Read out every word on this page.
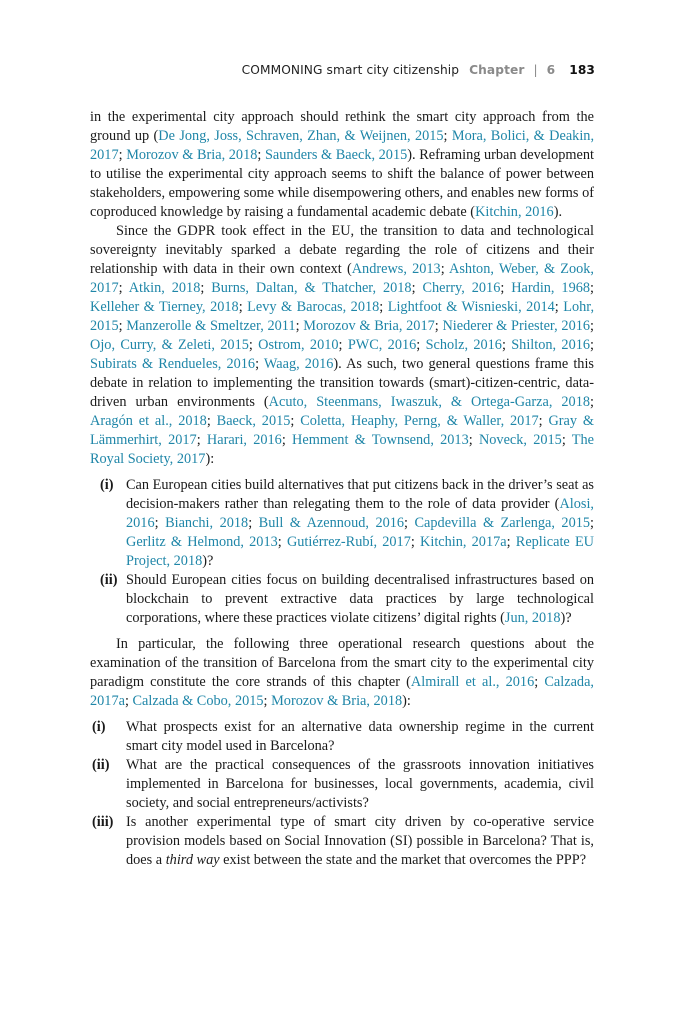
COMMONING smart city citizenship Chapter | 6 183

in the experimental city approach should rethink the smart city approach from the ground up (De Jong, Joss, Schraven, Zhan, & Weijnen, 2015; Mora, Bolici, & Deakin, 2017; Morozov & Bria, 2018; Saunders & Baeck, 2015). Reframing urban development to utilise the experimental city approach seems to shift the balance of power between stakeholders, empowering some while disempowering others, and enables new forms of coproduced knowledge by raising a fundamental academic debate (Kitchin, 2016).

Since the GDPR took effect in the EU, the transition to data and technological sovereignty inevitably sparked a debate regarding the role of citizens and their relationship with data in their own context (Andrews, 2013; Ashton, Weber, & Zook, 2017; Atkin, 2018; Burns, Daltan, & Thatcher, 2018; Cherry, 2016; Hardin, 1968; Kelleher & Tierney, 2018; Levy & Barocas, 2018; Lightfoot & Wisnieski, 2014; Lohr, 2015; Manzerolle & Smeltzer, 2011; Morozov & Bria, 2017; Niederer & Priester, 2016; Ojo, Curry, & Zeleti, 2015; Ostrom, 2010; PWC, 2016; Scholz, 2016; Shilton, 2016; Subirats & Rendueles, 2016; Waag, 2016). As such, two general questions frame this debate in relation to implementing the transition towards (smart)-citizen-centric, data-driven urban environments (Acuto, Steenmans, Iwaszuk, & Ortega-Garza, 2018; Aragón et al., 2018; Baeck, 2015; Coletta, Heaphy, Perng, & Waller, 2017; Gray & Lämmerhirt, 2017; Harari, 2016; Hemment & Townsend, 2013; Noveck, 2015; The Royal Society, 2017):

(i) Can European cities build alternatives that put citizens back in the driver’s seat as decision-makers rather than relegating them to the role of data provider (Alosi, 2016; Bianchi, 2018; Bull & Azennoud, 2016; Capdevilla & Zarlenga, 2015; Gerlitz & Helmond, 2013; Gutiérrez-Rubí, 2017; Kitchin, 2017a; Replicate EU Project, 2018)?
(ii) Should European cities focus on building decentralised infrastructures based on blockchain to prevent extractive data practices by large technological corporations, where these practices violate citizens’ digital rights (Jun, 2018)?

In particular, the following three operational research questions about the examination of the transition of Barcelona from the smart city to the experimental city paradigm constitute the core strands of this chapter (Almirall et al., 2016; Calzada, 2017a; Calzada & Cobo, 2015; Morozov & Bria, 2018):

(i)	What prospects exist for an alternative data ownership regime in the current smart city model used in Barcelona?
(ii)	What are the practical consequences of the grassroots innovation initiatives implemented in Barcelona for businesses, local governments, academia, civil society, and social entrepreneurs/activists?
(iii) Is another experimental type of smart city driven by co-operative service provision models based on Social Innovation (SI) possible in Barcelona? That is, does a third way exist between the state and the market that overcomes the PPP?
